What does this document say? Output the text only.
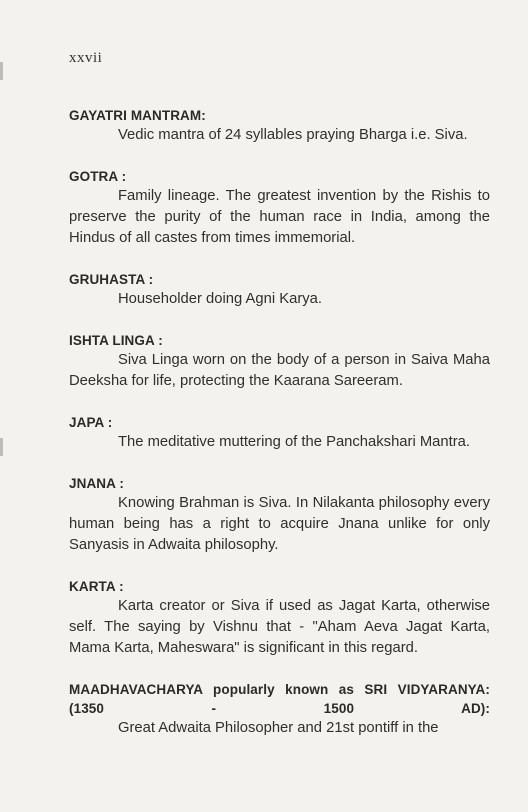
xxvii
GAYATRI MANTRAM:
Vedic mantra of 24 syllables praying Bharga i.e. Siva.
GOTRA :
Family lineage. The greatest invention by the Rishis to preserve the purity of the human race in India, among the Hindus of all castes from times immemorial.
GRUHASTA :
Householder doing Agni Karya.
ISHTA LINGA :
Siva Linga worn on the body of a person in Saiva Maha Deeksha for life, protecting the Kaarana Sareeram.
JAPA :
The meditative muttering of the Panchakshari Mantra.
JNANA :
Knowing Brahman is Siva. In Nilakanta philosophy every human being has a right to acquire Jnana unlike for only Sanyasis in Adwaita philosophy.
KARTA :
Karta creator or Siva if used as Jagat Karta, otherwise self. The saying by Vishnu that - "Aham Aeva Jagat Karta, Mama Karta, Maheswara" is significant in this regard.
MAADHAVACHARYA popularly known as SRI VIDYARANYA: (1350 - 1500 AD):
Great Adwaita Philosopher and 21st pontiff in the
